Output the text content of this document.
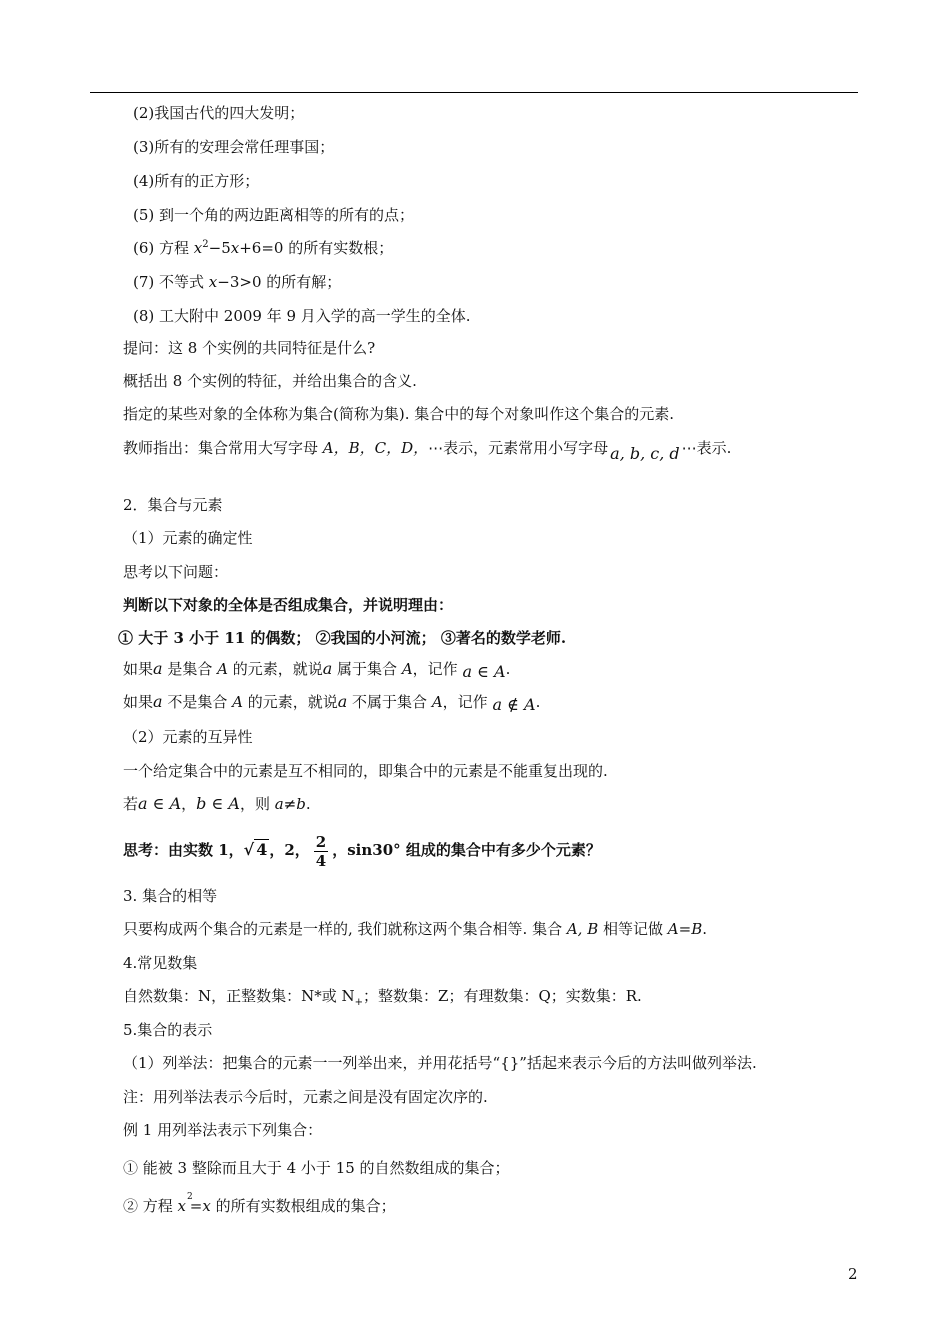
(2)我国古代的四大发明；
(3)所有的安理会常任理事国；
(4)所有的正方形；
(5) 到一个角的两边距离相等的所有的点；
(6) 方程 $x^2-5x+6=0$ 的所有实数根；
(7) 不等式 x−3>0 的所有解；
(8) 工大附中 2009 年 9 月入学的高一学生的全体.
提问：这 8 个实例的共同特征是什么?
概括出 8 个实例的特征，并给出集合的含义.
指定的某些对象的全体称为集合(简称为集). 集合中的每个对象叫作这个集合的元素.
教师指出：集合常用大写字母 A，B，C，D，⋯表示，元素常用小写字母 a, b, c, d ⋯表示.
2．集合与元素
（1）元素的确定性
思考以下问题：
判断以下对象的全体是否组成集合，并说明理由：
① 大于 3 小于 11 的偶数； ②我国的小河流； ③著名的数学老师.
如果a 是集合 A 的元素，就说a 属于集合 A，记作 a ∈ A.
如果a 不是集合 A 的元素，就说a 不属于集合 A，记作 a ∉ A.
（2）元素的互异性
一个给定集合中的元素是互不相同的，即集合中的元素是不能重复出现的.
若a ∈ A，b ∈ A，则 a≠b.
思考：由实数 1，√ 4 ，2， $\frac{2}{4}$ ，sin30° 组成的集合中有多少个元素？
3. 集合的相等
只要构成两个集合的元素是一样的, 我们就称这两个集合相等. 集合 A, B 相等记做 A=B.
4.常见数集
自然数集：N，正整数集：N*或 $N_+$；整数集：Z；有理数集：Q；实数集：R.
5.集合的表示
（1）列举法：把集合的元素一一列举出来，并用花括号“{}”括起来表示今后的方法叫做列举法.
注：用列举法表示今后时，元素之间是没有固定次序的.
例 1 用列举法表示下列集合：
① 能被 3 整除而且大于 4 小于 15 的自然数组成的集合；
② 方程 $x^2=x$ 的所有实数根组成的集合；
2
